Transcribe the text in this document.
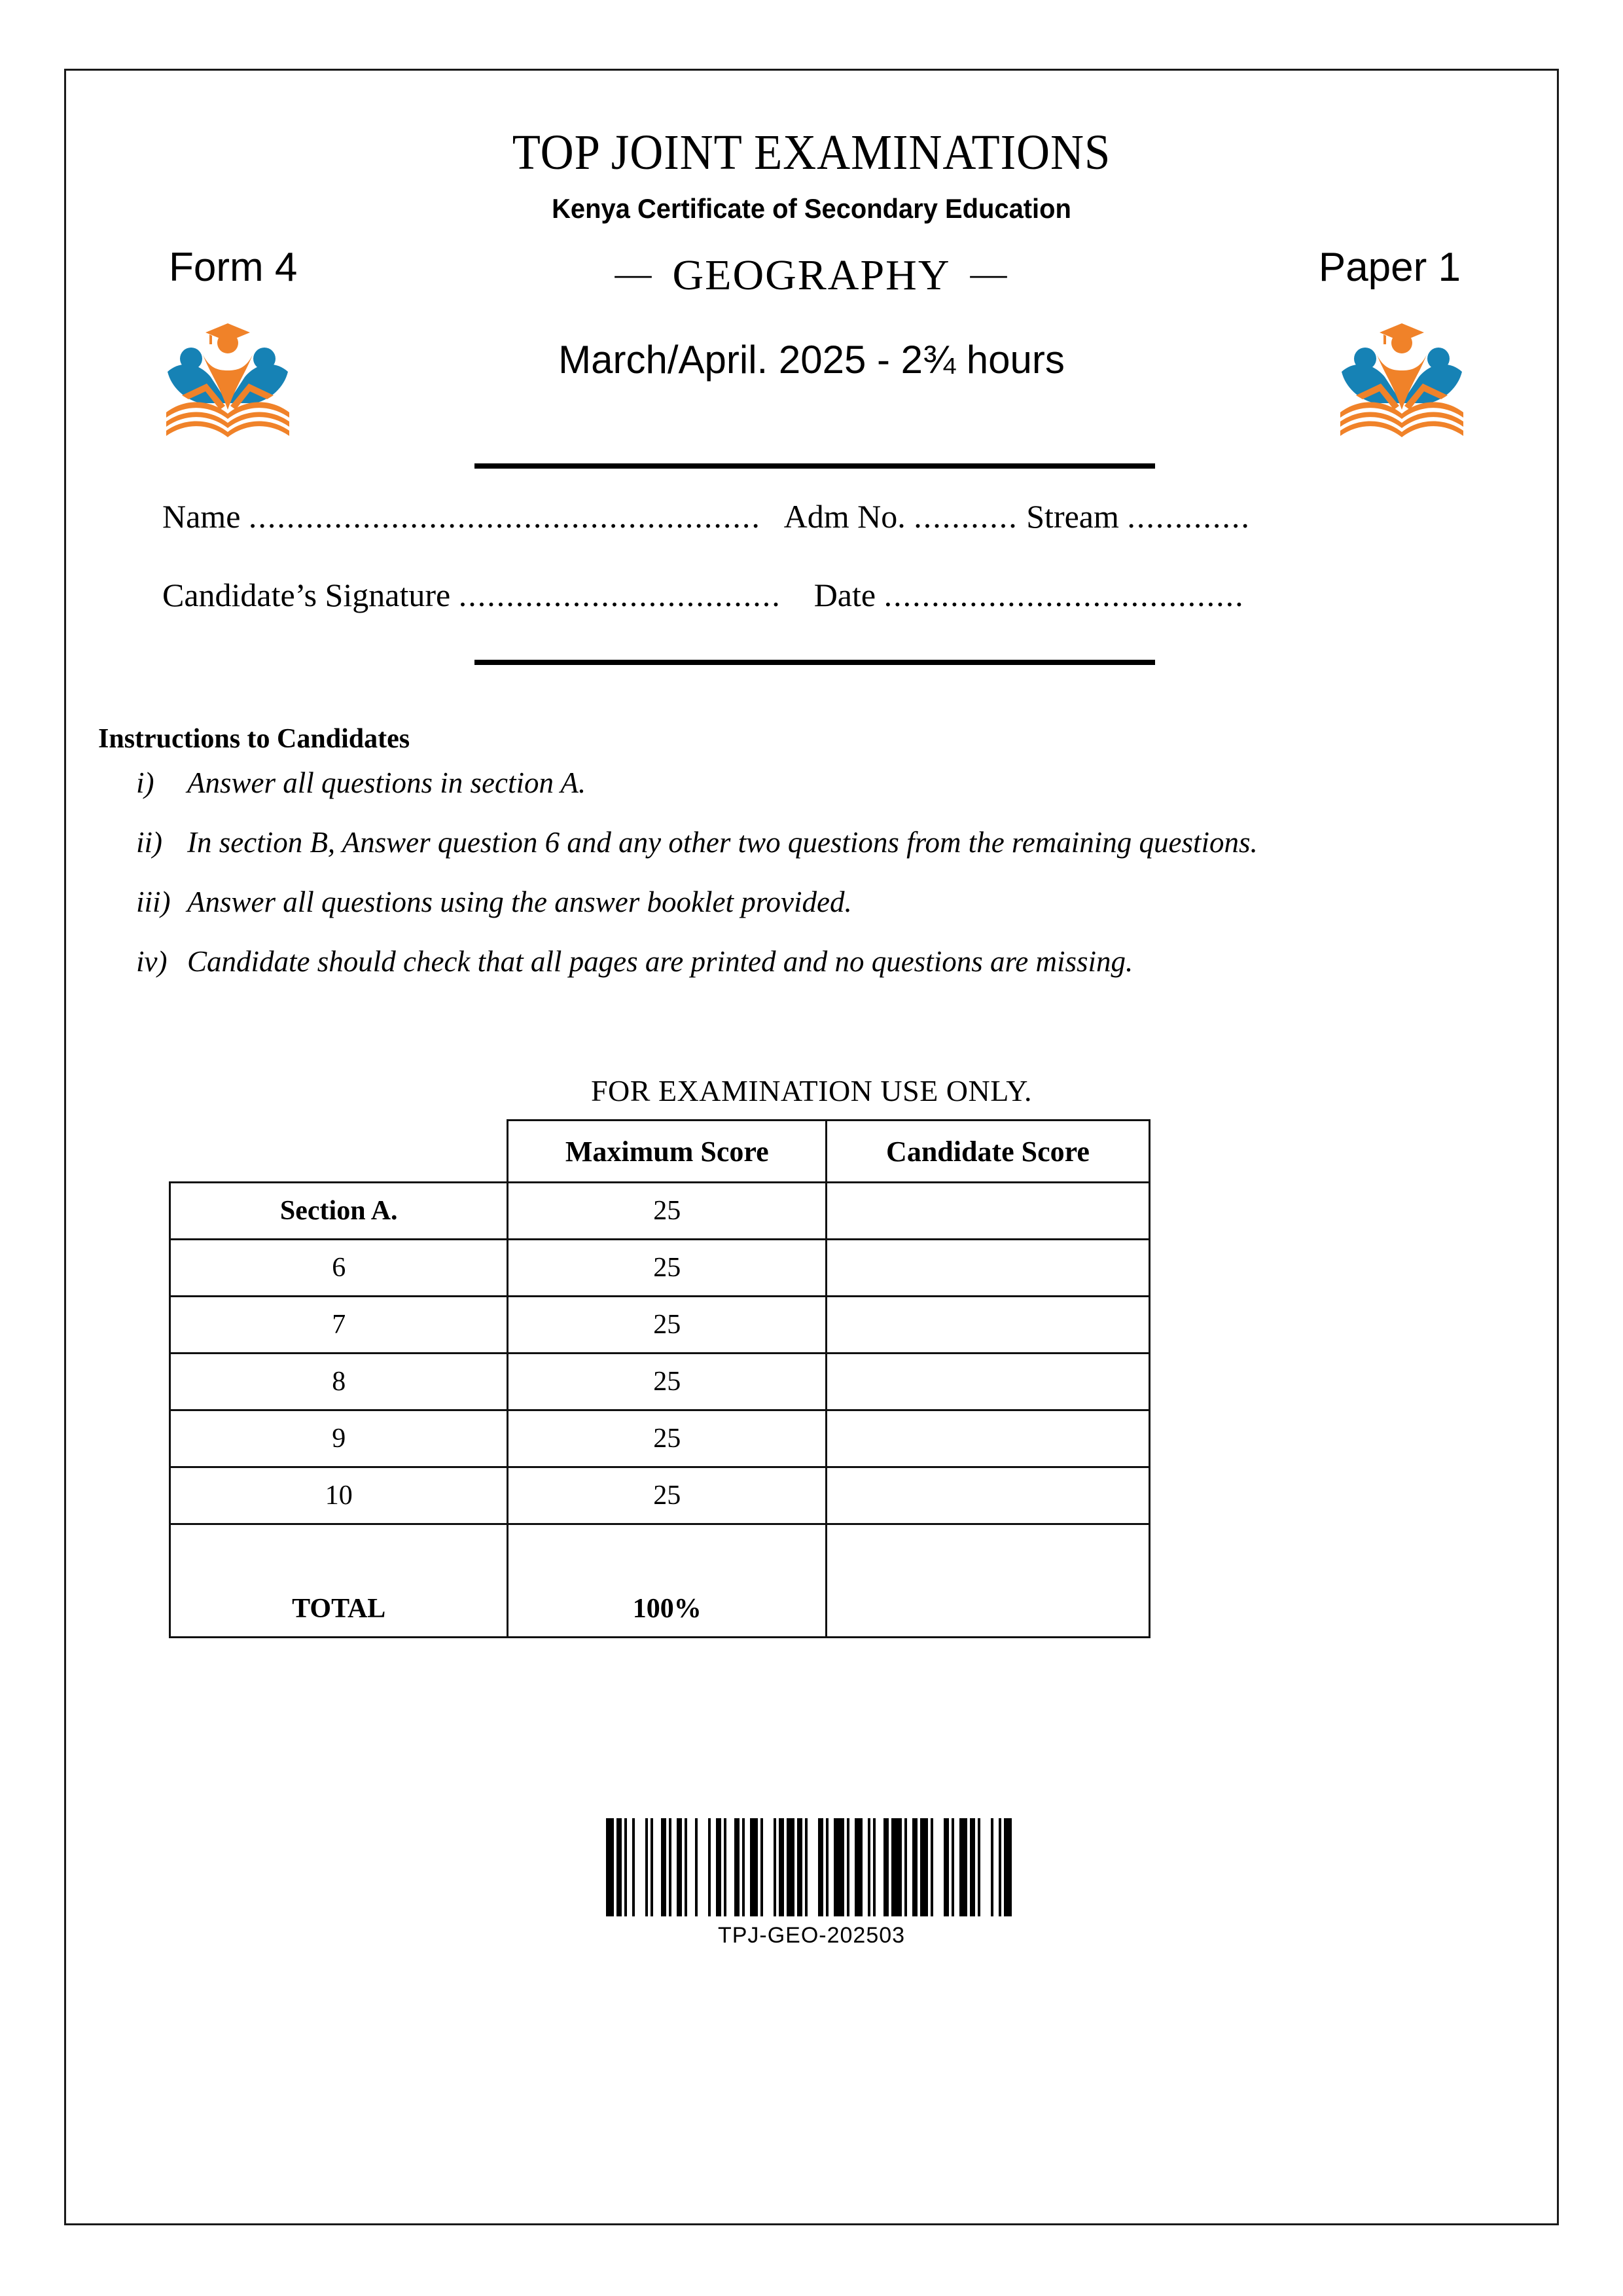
TOP JOINT EXAMINATIONS
Kenya Certificate of Secondary Education
Form 4	— GEOGRAPHY —	Paper 1
March/April. 2025 - 2¾ hours
Name ...................................................... Adm No. ........... Stream .............
Candidate’s Signature .................................. Date ......................................
Instructions to Candidates
i)	Answer all questions in section A.
ii) In section B, Answer question 6 and any other two questions from the remaining questions.
iii) Answer all questions using the answer booklet provided.
iv) Candidate should check that all pages are printed and no questions are missing.
FOR EXAMINATION USE ONLY.
	Maximum Score	Candidate Score
Section A.	25	
6	25	
7	25	
8	25	
9	25	
10	25	
TOTAL	100%	
TPJ-GEO-202503
